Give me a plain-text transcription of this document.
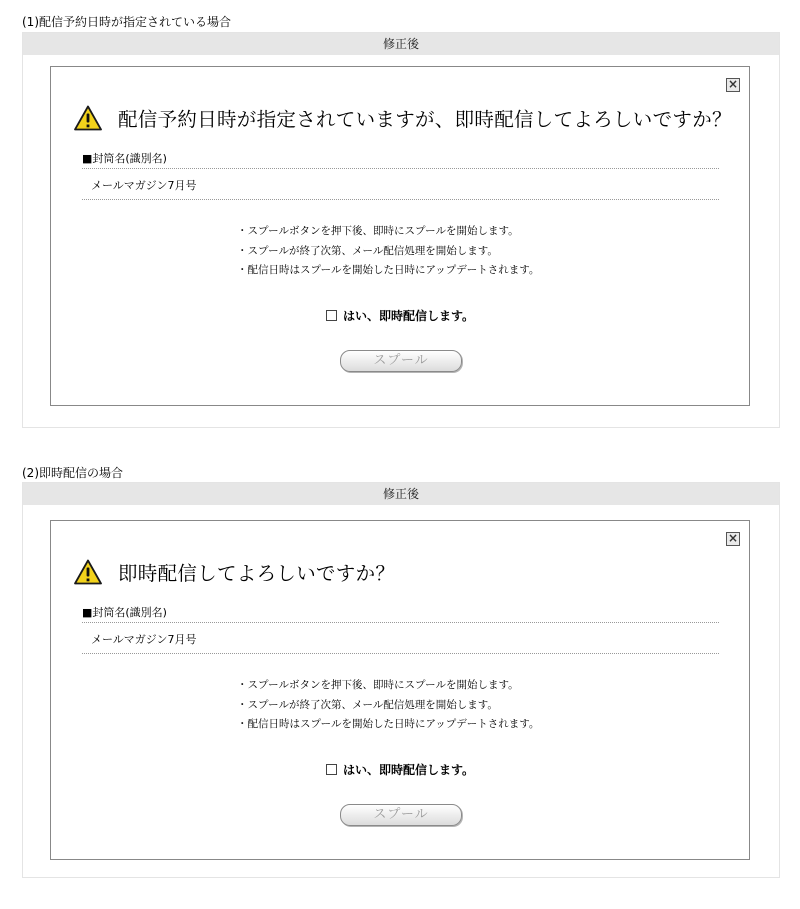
(1)配信予約日時が指定されている場合
修正後
×
配信予約日時が指定されていますが、即時配信してよろしいですか？
■封筒名(識別名)
メールマガジン7月号
・スプールボタンを押下後、即時にスプールを開始します。
・スプールが終了次第、メール配信処理を開始します。
・配信日時はスプールを開始した日時にアップデートされます。
はい、即時配信します。
スプール
(2)即時配信の場合
修正後
×
即時配信してよろしいですか？
■封筒名(識別名)
メールマガジン7月号
・スプールボタンを押下後、即時にスプールを開始します。
・スプールが終了次第、メール配信処理を開始します。
・配信日時はスプールを開始した日時にアップデートされます。
はい、即時配信します。
スプール
